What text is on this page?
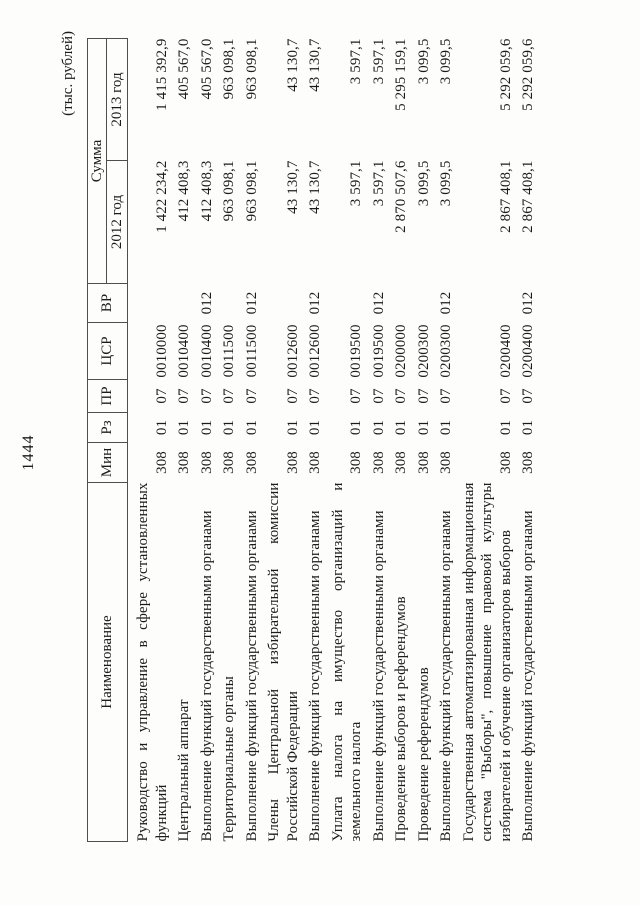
1444
(тыс. рублей)
Наименование	Мин	Рз	ПР	ЦСР	ВР	Сумма	
						2012 год	2013 год
Руководство и управление в сфере установленных функций	308	01	07	0010000		1 422 234,2	1 415 392,9
Центральный аппарат	308	01	07	0010400		412 408,3	405 567,0
Выполнение функций государственными органами	308	01	07	0010400	012	412 408,3	405 567,0
Территориальные органы	308	01	07	0011500		963 098,1	963 098,1
Выполнение функций государственными органами	308	01	07	0011500	012	963 098,1	963 098,1
Члены Центральной избирательной комиссии Российской Федерации	308	01	07	0012600		43 130,7	43 130,7
Выполнение функций государственными органами	308	01	07	0012600	012	43 130,7	43 130,7
Уплата налога на имущество организаций и земельного налога	308	01	07	0019500		3 597,1	3 597,1
Выполнение функций государственными органами	308	01	07	0019500	012	3 597,1	3 597,1
Проведение выборов и референдумов	308	01	07	0200000		2 870 507,6	5 295 159,1
Проведение референдумов	308	01	07	0200300		3 099,5	3 099,5
Выполнение функций государственными органами	308	01	07	0200300	012	3 099,5	3 099,5
Государственная автоматизированная информационная система "Выборы", повышение правовой культуры избирателей и обучение организаторов выборов	308	01	07	0200400		2 867 408,1	5 292 059,6
Выполнение функций государственными органами	308	01	07	0200400	012	2 867 408,1	5 292 059,6
